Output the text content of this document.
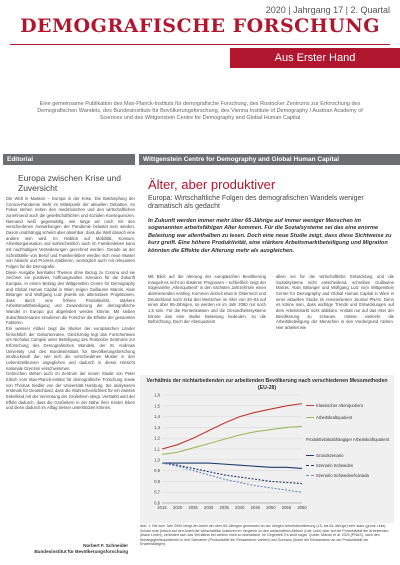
2020 | Jahrgang 17 | 2. Quartal
DEMOGRAFISCHE FORSCHUNG
Aus Erster Hand
Eine gemeinsame Publikation des Max-Planck-Instituts für demografische Forschung, des Rostocker Zentrums zur Erforschung des Demografischen Wandels, des Bundesinstituts für Bevölkerungsforschung, des Vienna Institute of Demography / Austrian Academy of Sciences und des Wittgenstein Centre for Demography and Global Human Capital
Editorial	Wittgenstein Centre for Demography and Global Human Capital
Europa zwischen Krise und Zuversicht

Die Welt in Masken – Europa in der Krise. Die Bekämpfung der Corona-Pandemie steht im Mittelpunkt der aktuellen Debatten. Im Fokus stehen neben den medizinischen und den wirtschaftlichen zunehmend auch die gesellschaftlichen und sozialen Konsequenzen. Niemand weiß gegenwärtig, wie lange wir noch mit den verschiedenen Auswirkungen der Pandemie belastet sein werden. Davon unabhängig scheint aber absehbar, dass die Welt danach eine andere sein wird. Im Hinblick auf Mobilität, Konsum, Arbeitsorganisation und wahrscheinlich auch im Familienleben kann mit nachhaltigen Veränderungen gerechnet werden. Gerade an der Schnittstelle von Beruf und Familienleben werden sich neue Muster von Abwehr und Prozess etablieren, womöglich auch mit relevanten Folgen für die Demografie.

Diese Ausgabe beinhaltet Themen ohne Bezug zu Corona und sie zeichnet ein positives, hoffnungsvolles Szenario für die Zukunft Europas. In einem Beitrag des Wittgenstein Centre for Demography and Global Human Capital in Wien zeigen Guillaume Marois, Alain Bélanger und Wolfgang Lutz jeweils mit alternativen Projektionen, dass durch eine höhere Produktivität, stärkere Arbeitsmarktbeteiligung und Zuwanderung der demografische Wandel in Europa gut abgefedert werden könnte. Mit sieben Zukunftsszenarien simulieren die Forscher die Effekte der genannten Faktoren.

Ein weiterer Artikel zeigt die Muster der europäischen Länder hinsichtlich der Geburtenraten. Gleichzeitig legt das Forscherteam um Nicholas Campisi unter Beteiligung des Rostocker Zentrums zur Erforschung des Demografischen Wandels, der St. Andrews University und des Bundesinstituts für Bevölkerungsforschung eindrucksvoll dar, wie sich die verschiedenen Muster in den Lebenszeitkurven angeglichen und dadurch in dieser Hinsicht nationale Grenzen verschwimmen.

Gebrochen stehen auch im Zentrum der neuen Studie von Peter Eibich vom Max-Planck-Institut für demografische Forschung sowie von Thomas Siedler von der Universität Hamburg. Sie analysieren erstmals für Deutschland, dass die Wahrscheinlichkeit für ein zweites Enkelkind mit der Verrentung der Großeltern steigt. Verstärkt wird der Effekt dadurch, dass die Großeltern in der Nähe ihrer Kinder leben und diese dadurch im Alltag besser unterstützen können.

Norbert F. Schneider
Bundesinstitut für Bevölkerungsforschung
Älter, aber produktiver
Europa: Wirtschaftliche Folgen des demografischen Wandels weniger dramatisch als gedacht
In Zukunft werden immer mehr über 65-Jährige auf immer weniger Menschen im sogenannten arbeitsfähigen Alter kommen. Für die Sozialsysteme sei das eine enorme Belastung war allenthalben zu lesen. Doch eine neue Studie zeigt, dass diese Sichtweise zu kurz greift. Eine höhere Produktivität, eine stärkere Arbeitsmarktbeteiligung und Migration könnten die Effekte der Alterung mehr als ausgleichen.
Mit Blick auf die Alterung der europäischen Bevölkerung mangelt es nicht an düsteren Prognosen – schließlich zeigt der sogenannte „Altenquotient“ in den nächsten Jahrzehnten einen alarmierenden Anstieg. Kommen derzeit etwa in Österreich und Deutschland noch zirka drei Menschen im Alter von 20–64 auf einen über 65-Jährigen, so werden es im Jahr 2060 nur noch 1,5 sein. Für die Rentenkassen und die Gesundheitssysteme könnte das eine starke Belastung bedeuten, so die Befürchtung. Doch der Altenquotient
allein sei für die wirtschaftliche Entwicklung und die Sozialsysteme nicht entscheidend, schreiben Guillaume Marois, Alain Bélanger und Wolfgang Lutz vom Wittgenstein Centre for Demography and Global Human Capital in Wien in einer aktuellen Studie im renommierten Journal PNAS. Denn es könne sein, dass wichtige Trends und Entwicklungen auf dem Arbeitsmarkt nicht abbilden. Anstatt nur auf das Alter der Bevölkerung zu schauen, müsse vielmehr die Arbeitsbeteiligung der Menschen in den Vordergrund rücken. Hier arbeitet wie
0,6
0,7
0,8
0,9
1,0
1,1
1,2
1,3
1,4
1,5
1,6
2015 2020 2025 2030 2035 2040 2045 2050 2055 2060
Verhältnis der nichtarbeitenden zur arbeitenden Bevölkerung nach verschiedenen Messmethoden (EU-28)
Klassischer Altenquotient
Arbeitskraftquotient
Produktivitätsabhängiger Arbeitskraftquotient
Grundszenario
Szenario Schweden
Szenario Schweden/Kanada
Abb. 1: Bis zum Jahr 2060 steigt der Anteil der über 65-Jährigen gemessen an der übrigen Arbeitsbevölkerung (15- bis 64-Jährige) sehr stark (grüne Linie). Schaut man jedoch auf den Anteil der wirtschaftlich Inaktiven im Vergleich zu den wirtschaftlich Aktiven (rote Linie) oder auf die Produktivität der Arbeitenden (blaue Linien), verändert sich das Verhältnis bei weitem nicht so dramatisch. Im Gegenteil: Es sinkt sogar. Quelle: Marois et al. 2020 (PNAS), nach den Abhängigkeitsquotienten in drei Szenarien (Produktivität der Einwanderer variiert) und Szenario (Anteil der Einwanderer an der Produktivität der Erwerbstätigen).
